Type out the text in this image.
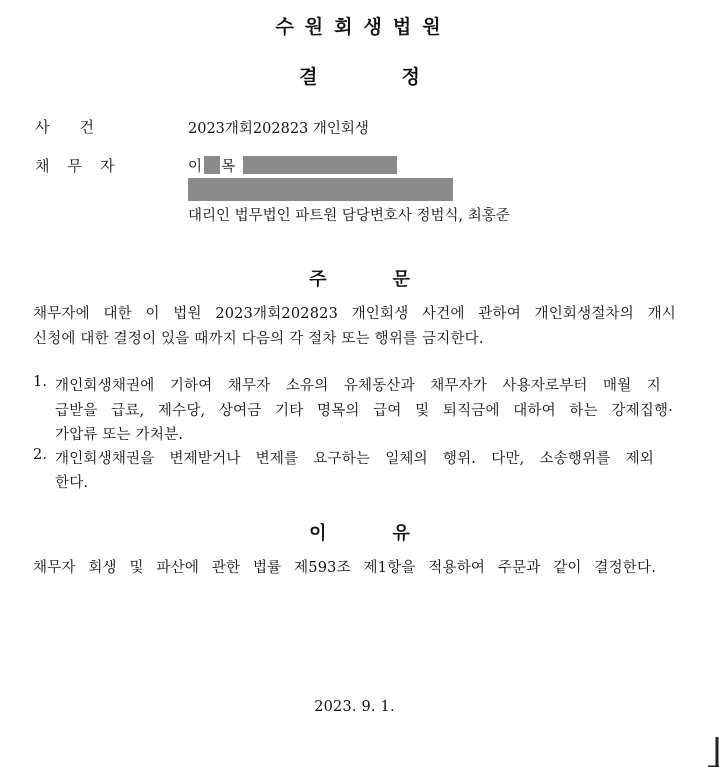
수원회생법원
결정
사건	2023개회202823 개인회생
채무자	이 목
대리인 법무법인 파트원 담당변호사 정범식, 최홍준
주문
채무자에 대한 이 법원 2023개회202823 개인회생 사건에 관하여 개인회생절차의 개시
신청에 대한 결정이 있을 때까지 다음의 각 절차 또는 행위를 금지한다.
1. 개인회생채권에 기하여 채무자 소유의 유체동산과 채무자가 사용자로부터 매월 지
급받을 급료, 제수당, 상여금 기타 명목의 급여 및 퇴직금에 대하여 하는 강제집행·
가압류 또는 가처분.
2. 개인회생채권을 변제받거나 변제를 요구하는 일체의 행위. 다만, 소송행위를 제외
한다.
이유
채무자 회생 및 파산에 관한 법률 제593조 제1항을 적용하여 주문과 같이 결정한다.
2023. 9. 1.
